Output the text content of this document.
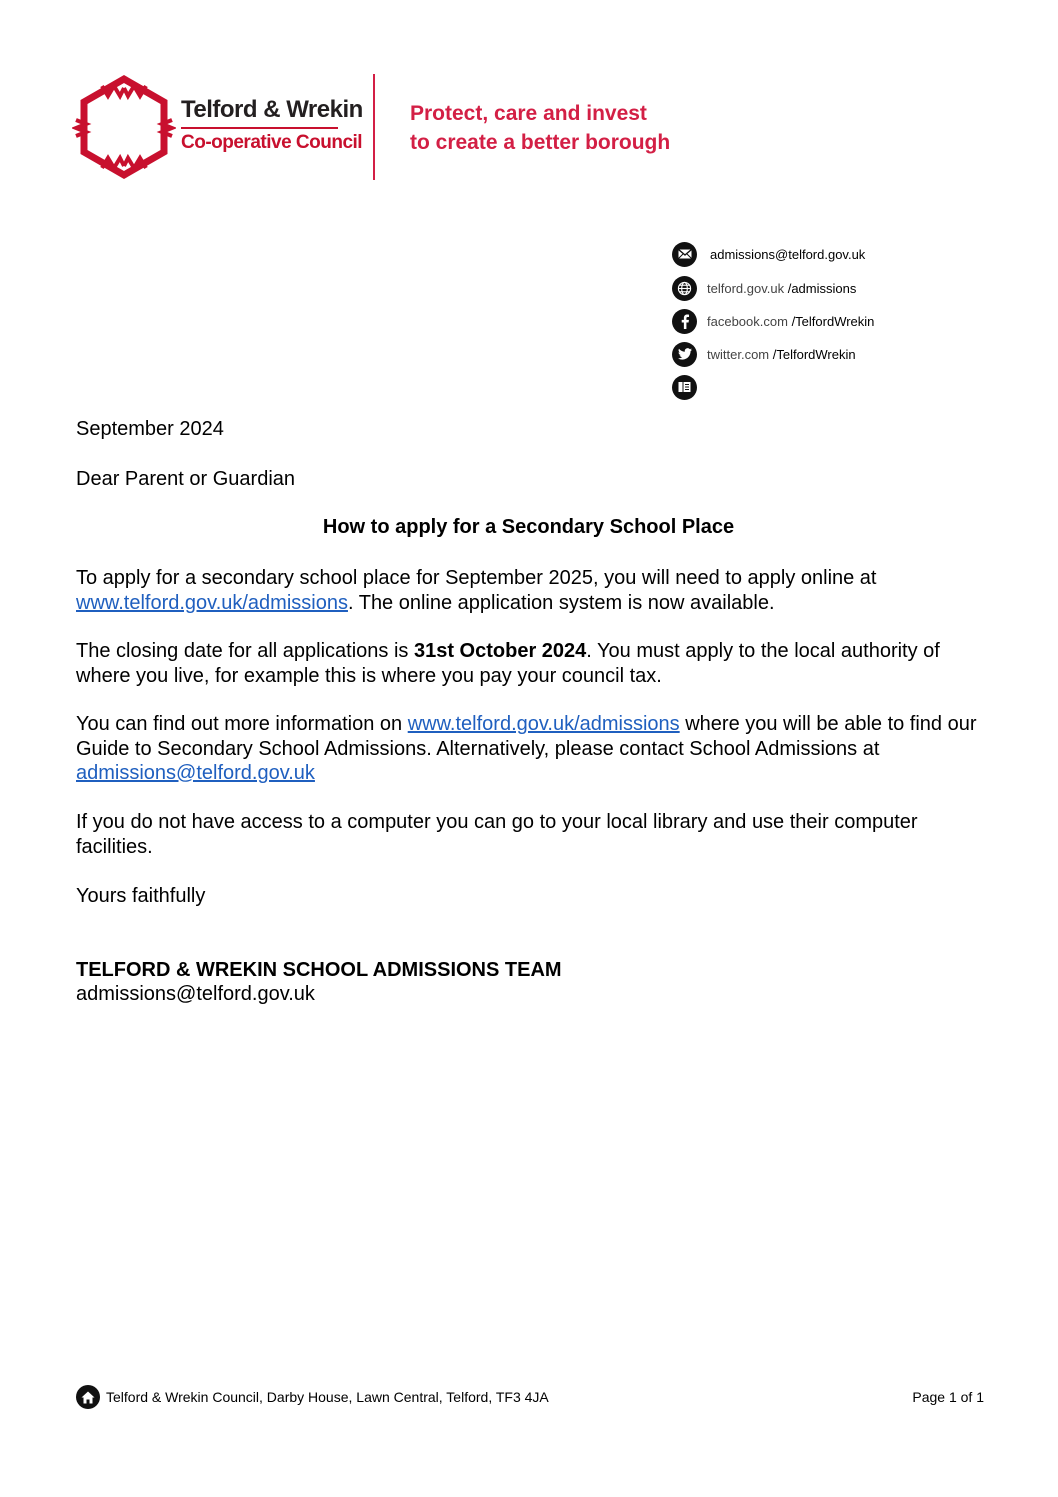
Telford & Wrekin
Co-operative Council
Protect, care and invest
to create a better borough
admissions@telford.gov.uk
telford.gov.uk /admissions
facebook.com /TelfordWrekin
twitter.com /TelfordWrekin
September 2024
Dear Parent or Guardian
How to apply for a Secondary School Place
To apply for a secondary school place for September 2025, you will need to apply online at
www.telford.gov.uk/admissions. The online application system is now available.
The closing date for all applications is 31st October 2024. You must apply to the local authority of where you live, for example this is where you pay your council tax.
You can find out more information on www.telford.gov.uk/admissions where you will be able to find our Guide to Secondary School Admissions. Alternatively, please contact School Admissions at admissions@telford.gov.uk
If you do not have access to a computer you can go to your local library and use their computer facilities.
Yours faithfully
TELFORD & WREKIN SCHOOL ADMISSIONS TEAM
admissions@telford.gov.uk
Telford & Wrekin Council, Darby House, Lawn Central, Telford, TF3 4JA	Page 1 of 1
